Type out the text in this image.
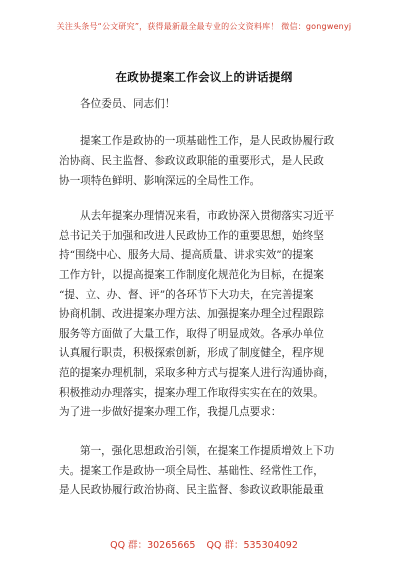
关注头条号“公文研究”，获得最新最全最专业的公文资料库！ 微信：gongwenyj
在政协提案工作会议上的讲话提纲
各位委员、同志们！
提案工作是政协的一项基础性工作，是人民政协履行政
治协商、民主监督、参政议政职能的重要形式，是人民政
协一项特色鲜明、影响深远的全局性工作。
从去年提案办理情况来看，市政协深入贯彻落实习近平
总书记关于加强和改进人民政协工作的重要思想，始终坚
持“围绕中心、服务大局、提高质量、讲求实效”的提案
工作方针，以提高提案工作制度化规范化为目标，在提案
“提、立、办、督、评”的各环节下大功夫，在完善提案
协商机制、改进提案办理方法、加强提案办理全过程跟踪
服务等方面做了大量工作，取得了明显成效。各承办单位
认真履行职责，积极探索创新，形成了制度健全，程序规
范的提案办理机制，采取多种方式与提案人进行沟通协商，
积极推动办理落实，提案办理工作取得实实在在的效果。
为了进一步做好提案办理工作，我提几点要求：
第一，强化思想政治引领，在提案工作提质增效上下功
夫。提案工作是政协一项全局性、基础性、经常性工作，
是人民政协履行政治协商、民主监督、参政议政职能最重
QQ 群：30265665 QQ 群：535304092
